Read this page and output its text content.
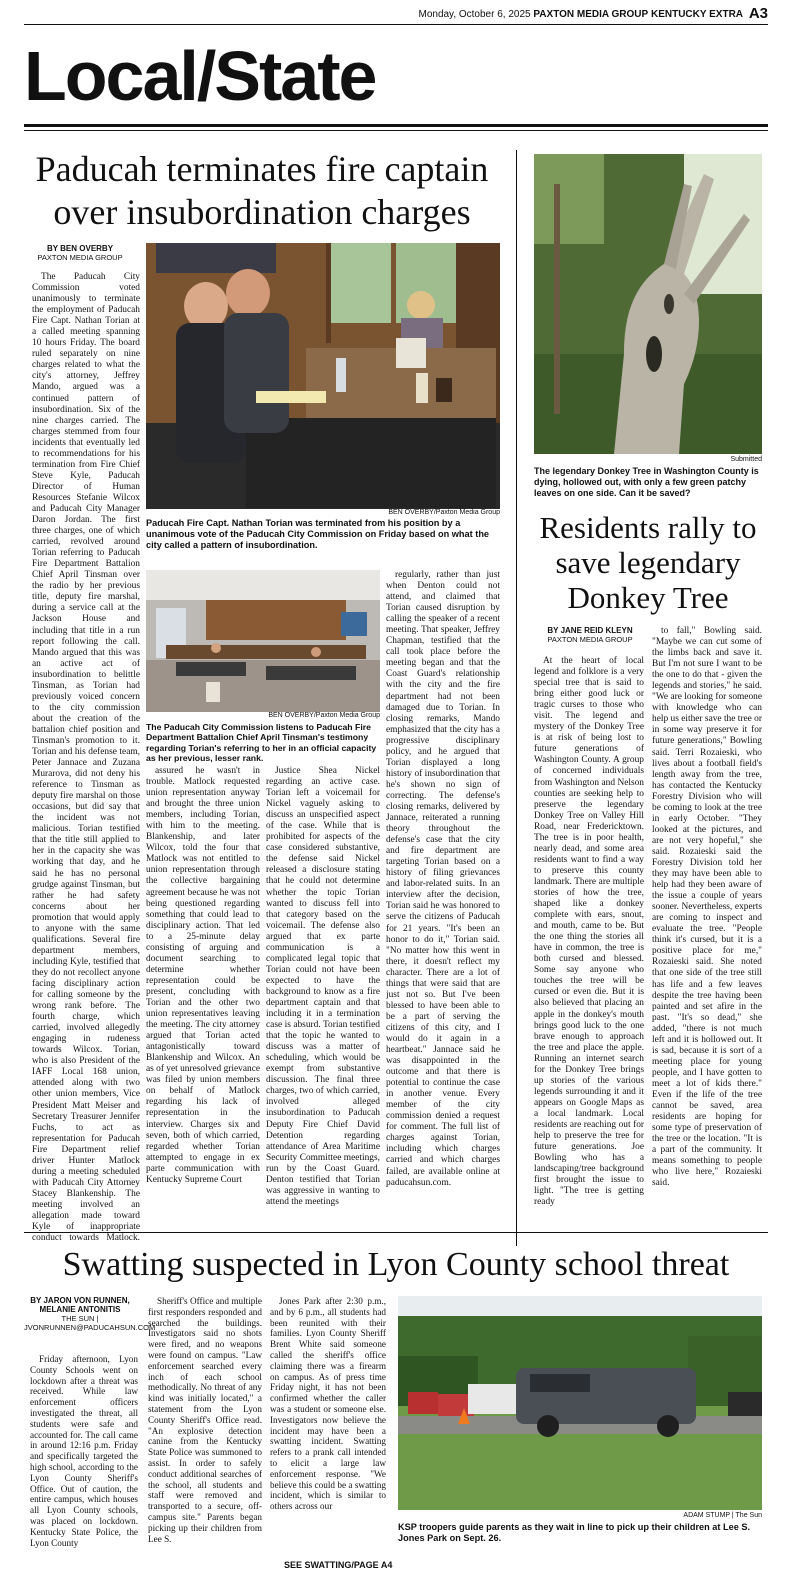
Monday, October 6, 2025 PAXTON MEDIA GROUP KENTUCKY EXTRA A3
Local/State
Paducah terminates fire captain over insubordination charges
BY BEN OVERBY
PAXTON MEDIA GROUP
BEN OVERBY/Paxton Media Group
Paducah Fire Capt. Nathan Torian was terminated from his position by a unanimous vote of the Paducah City Commission on Friday based on what the city called a pattern of insubordination.
BEN OVERBY/Paxton Media Group
The Paducah City Commission listens to Paducah Fire Department Battalion Chief April Tinsman's testimony regarding Torian's referring to her in an official capacity as her previous, lesser rank.
The Paducah City Commission voted unanimously to terminate the employment of Paducah Fire Capt. Nathan Torian at a called meeting spanning 10 hours Friday. The board ruled separately on nine charges related to what the city's attorney, Jeffrey Mando, argued was a continued pattern of insubordination. Six of the nine charges carried. The charges stemmed from four incidents that eventually led to recommendations for his termination from Fire Chief Steve Kyle, Paducah Director of Human Resources Stefanie Wilcox and Paducah City Manager Daron Jordan. The first three charges, one of which carried, revolved around Torian referring to Paducah Fire Department Battalion Chief April Tinsman over the radio by her previous title, deputy fire marshal, during a service call at the Jackson House and including that title in a run report following the call. Mando argued that this was an active act of insubordination to belittle Tinsman, as Torian had previously voiced concern to the city commission about the creation of the battalion chief position and Tinsman's promotion to it. Torian and his defense team, Peter Jannace and Zuzana Murarova, did not deny his reference to Tinsman as deputy fire marshal on those occasions, but did say that the incident was not malicious. Torian testified that the title still applied to her in the capacity she was working that day, and he said he has no personal grudge against Tinsman, but rather he had safety concerns about her promotion that would apply to anyone with the same qualifications. Several fire department members, including Kyle, testified that they do not recollect anyone facing disciplinary action for calling someone by the wrong rank before. The fourth charge, which carried, involved allegedly engaging in rudeness towards Wilcox. Torian, who is also President of the IAFF Local 168 union, attended along with two other union members, Vice President Matt Meiser and Secretary Treasurer Jennifer Fuchs, to act as representation for Paducah Fire Department relief driver Hunter Matlock during a meeting scheduled with Paducah City Attorney Stacey Blankenship. The meeting involved an allegation made toward Kyle of inappropriate conduct towards Matlock.
assured he wasn't in trouble. Matlock requested union representation anyway and brought the three union members, including Torian, with him to the meeting. Blankenship, and later Wilcox, told the four that Matlock was not entitled to union representation through the collective bargaining agreement because he was not being questioned regarding something that could lead to disciplinary action. That led to a 25-minute delay consisting of arguing and document searching to determine whether representation could be present, concluding with Torian and the other two union representatives leaving the meeting. The city attorney argued that Torian acted antagonistically toward Blankenship and Wilcox. An as of yet unresolved grievance was filed by union members on behalf of Matlock regarding his lack of representation in the interview. Charges six and seven, both of which carried, regarded whether Torian attempted to engage in ex parte communication with Kentucky Supreme Court
Justice Shea Nickel regarding an active case. Torian left a voicemail for Nickel vaguely asking to discuss an unspecified aspect of the case. While that is prohibited for aspects of the case considered substantive, the defense said Nickel released a disclosure stating that he could not determine whether the topic Torian wanted to discuss fell into that category based on the voicemail. The defense also argued that ex parte communication is a complicated legal topic that Torian could not have been expected to have the background to know as a fire department captain and that including it in a termination case is absurd. Torian testified that the topic he wanted to discuss was a matter of scheduling, which would be exempt from substantive discussion. The final three charges, two of which carried, involved alleged insubordination to Paducah Deputy Fire Chief David Detention regarding attendance of Area Maritime Security Committee meetings, run by the Coast Guard. Denton testified that Torian was aggressive in wanting to attend the meetings
regularly, rather than just when Denton could not attend, and claimed that Torian caused disruption by calling the speaker of a recent meeting. That speaker, Jeffrey Chapman, testified that the call took place before the meeting began and that the Coast Guard's relationship with the city and the fire department had not been damaged due to Torian. In closing remarks, Mando emphasized that the city has a progressive disciplinary policy, and he argued that Torian displayed a long history of insubordination that he's shown no sign of correcting. The defense's closing remarks, delivered by Jannace, reiterated a running theory throughout the defense's case that the city and fire department are targeting Torian based on a history of filing grievances and labor-related suits. In an interview after the decision, Torian said he was honored to serve the citizens of Paducah for 21 years. "It's been an honor to do it," Torian said. "No matter how this went in there, it doesn't reflect my character. There are a lot of things that were said that are just not so. But I've been blessed to have been able to be a part of serving the citizens of this city, and I would do it again in a heartbeat." Jannace said he was disappointed in the outcome and that there is potential to continue the case in another venue. Every member of the city commission denied a request for comment. The full list of charges against Torian, including which charges carried and which charges failed, are available online at paducahsun.com.
Submitted
The legendary Donkey Tree in Washington County is dying, hollowed out, with only a few green patchy leaves on one side. Can it be saved?
Residents rally to save legendary Donkey Tree
BY JANE REID KLEYN
PAXTON MEDIA GROUP
At the heart of local legend and folklore is a very special tree that is said to bring either good luck or tragic curses to those who visit. The legend and mystery of the Donkey Tree is at risk of being lost to future generations of Washington County. A group of concerned individuals from Washington and Nelson counties are seeking help to preserve the legendary Donkey Tree on Valley Hill Road, near Fredericktown. The tree is in poor health, nearly dead, and some area residents want to find a way to preserve this county landmark. There are multiple stories of how the tree, shaped like a donkey complete with ears, snout, and mouth, came to be. But the one thing the stories all have in common, the tree is both cursed and blessed. Some say anyone who touches the tree will be cursed or even die. But it is also believed that placing an apple in the donkey's mouth brings good luck to the one brave enough to approach the tree and place the apple. Running an internet search for the Donkey Tree brings up stories of the various legends surrounding it and it appears on Google Maps as a local landmark. Local residents are reaching out for help to preserve the tree for future generations. Joe Bowling who has a landscaping/tree background first brought the issue to light. "The tree is getting ready
to fall," Bowling said. "Maybe we can cut some of the limbs back and save it. But I'm not sure I want to be the one to do that - given the legends and stories," he said. "We are looking for someone with knowledge who can help us either save the tree or in some way preserve it for future generations," Bowling said. Terri Rozaieski, who lives about a football field's length away from the tree, has contacted the Kentucky Forestry Division who will be coming to look at the tree in early October. "They looked at the pictures, and are not very hopeful," she said. Rozaieski said the Forestry Division told her they may have been able to help had they been aware of the issue a couple of years sooner. Nevertheless, experts are coming to inspect and evaluate the tree. "People think it's cursed, but it is a positive place for me," Rozaieski said. She noted that one side of the tree still has life and a few leaves despite the tree having been painted and set afire in the past. "It's so dead," she added, "there is not much left and it is hollowed out. It is sad, because it is sort of a meeting place for young people, and I have gotten to meet a lot of kids there." Even if the life of the tree cannot be saved, area residents are hoping for some type of preservation of the tree or the location. "It is a part of the community. It means something to people who live here," Rozaieski said.
Swatting suspected in Lyon County school threat
BY JARON VON RUNNEN,
MELANIE ANTONITIS
THE SUN |
JVONRUNNEN@PADUCAHSUN.COM
Friday afternoon, Lyon County Schools went on lockdown after a threat was received. While law enforcement officers investigated the threat, all students were safe and accounted for. The call came in around 12:16 p.m. Friday and specifically targeted the high school, according to the Lyon County Sheriff's Office. Out of caution, the entire campus, which houses all Lyon County schools, was placed on lockdown. Kentucky State Police, the Lyon County
Sheriff's Office and multiple first responders responded and searched the buildings. Investigators said no shots were fired, and no weapons were found on campus. "Law enforcement searched every inch of each school methodically. No threat of any kind was initially located," a statement from the Lyon County Sheriff's Office read. "An explosive detection canine from the Kentucky State Police was summoned to assist. In order to safely conduct additional searches of the school, all students and staff were removed and transported to a secure, off-campus site." Parents began picking up their children from Lee S.
Jones Park after 2:30 p.m., and by 6 p.m., all students had been reunited with their families. Lyon County Sheriff Brent White said someone called the sheriff's office claiming there was a firearm on campus. As of press time Friday night, it has not been confirmed whether the caller was a student or someone else. Investigators now believe the incident may have been a swatting incident. Swatting refers to a prank call intended to elicit a large law enforcement response. "We believe this could be a swatting incident, which is similar to others across our
SEE SWATTING/PAGE A4
ADAM STUMP | The Sun
KSP troopers guide parents as they wait in line to pick up their children at Lee S. Jones Park on Sept. 26.
